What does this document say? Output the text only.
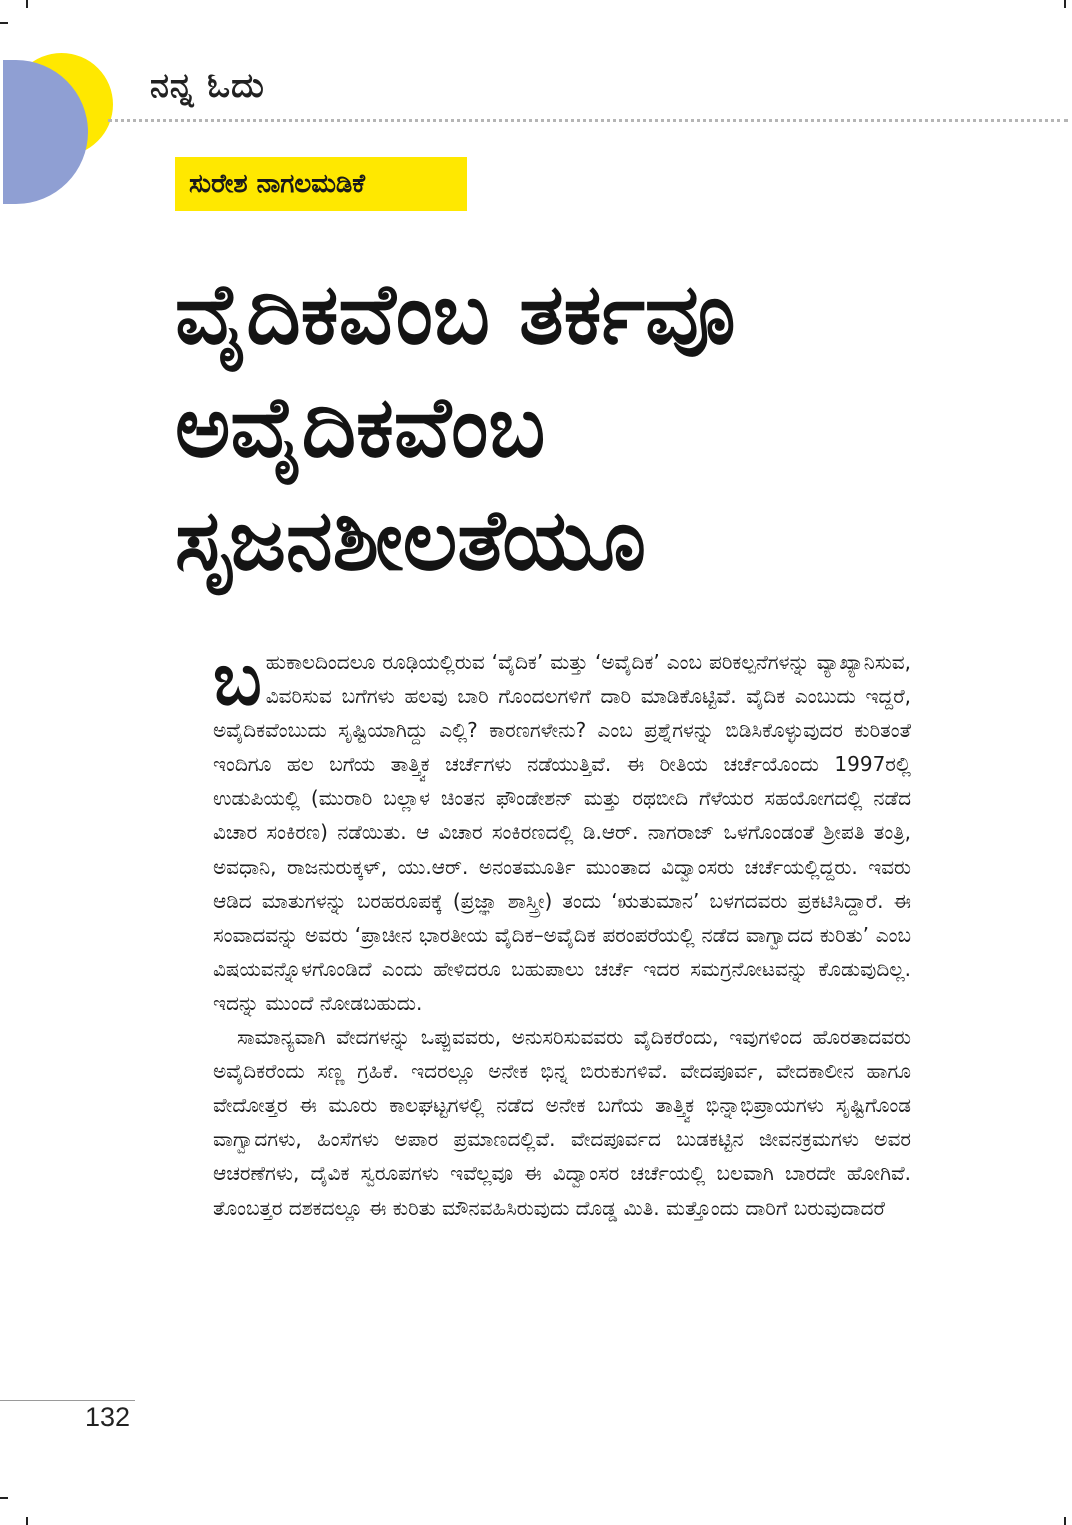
ನನ್ನ ಓದು
ಸುರೇಶ ನಾಗಲಮಡಿಕೆ
ವೈದಿಕವೆಂಬ ತರ್ಕವೂ
ಅವೈದಿಕವೆಂಬ
ಸೃಜನಶೀಲತೆಯೂ

ಬಹುಕಾಲದಿಂದಲೂ ರೂಢಿಯಲ್ಲಿರುವ ‘ವೈದಿಕ’ ಮತ್ತು ‘ಅವೈದಿಕ’ ಎಂಬ ಪರಿಕಲ್ಪನೆಗಳನ್ನು ವ್ಯಾಖ್ಯಾನಿಸುವ, ವಿವರಿಸುವ ಬಗೆಗಳು ಹಲವು ಬಾರಿ ಗೊಂದಲಗಳಿಗೆ ದಾರಿ ಮಾಡಿಕೊಟ್ಟಿವೆ. ವೈದಿಕ ಎಂಬುದು ಇದ್ದರೆ, ಅವೈದಿಕವೆಂಬುದು ಸೃಷ್ಟಿಯಾಗಿದ್ದು ಎಲ್ಲಿ? ಕಾರಣಗಳೇನು? ಎಂಬ ಪ್ರಶ್ನೆಗಳನ್ನು ಬಿಡಿಸಿಕೊಳ್ಳುವುದರ ಕುರಿತಂತೆ ಇಂದಿಗೂ ಹಲ ಬಗೆಯ ತಾತ್ತ್ವಿಕ ಚರ್ಚೆಗಳು ನಡೆಯುತ್ತಿವೆ. ಈ ರೀತಿಯ ಚರ್ಚೆಯೊಂದು 1997ರಲ್ಲಿ ಉಡುಪಿಯಲ್ಲಿ (ಮುರಾರಿ ಬಲ್ಲಾಳ ಚಿಂತನ ಫೌಂಡೇಶನ್ ಮತ್ತು ರಥಬೀದಿ ಗೆಳೆಯರ ಸಹಯೋಗದಲ್ಲಿ ನಡೆದ ವಿಚಾರ ಸಂಕಿರಣ) ನಡೆಯಿತು. ಆ ವಿಚಾರ ಸಂಕಿರಣದಲ್ಲಿ ಡಿ.ಆರ್. ನಾಗರಾಜ್ ಒಳಗೊಂಡಂತೆ ಶ್ರೀಪತಿ ತಂತ್ರಿ, ಅವಧಾನಿ, ರಾಜನುರುಕ್ಕಳ್, ಯು.ಆರ್. ಅನಂತಮೂರ್ತಿ ಮುಂತಾದ ವಿದ್ವಾಂಸರು ಚರ್ಚೆಯಲ್ಲಿದ್ದರು. ಇವರು ಆಡಿದ ಮಾತುಗಳನ್ನು ಬರಹರೂಪಕ್ಕೆ (ಪ್ರಜ್ಞಾ ಶಾಸ್ತ್ರೀ) ತಂದು ‘ಋತುಮಾನ’ ಬಳಗದವರು ಪ್ರಕಟಿಸಿದ್ದಾರೆ. ಈ ಸಂವಾದವನ್ನು ಅವರು ‘ಪ್ರಾಚೀನ ಭಾರತೀಯ ವೈದಿಕ–ಅವೈದಿಕ ಪರಂಪರೆಯಲ್ಲಿ ನಡೆದ ವಾಗ್ವಾದದ ಕುರಿತು’ ಎಂಬ ವಿಷಯವನ್ನೊಳಗೊಂಡಿದೆ ಎಂದು ಹೇಳಿದರೂ ಬಹುಪಾಲು ಚರ್ಚೆ ಇದರ ಸಮಗ್ರನೋಟವನ್ನು ಕೊಡುವುದಿಲ್ಲ. ಇದನ್ನು ಮುಂದೆ ನೋಡಬಹುದು.

ಸಾಮಾನ್ಯವಾಗಿ ವೇದಗಳನ್ನು ಒಪ್ಪುವವರು, ಅನುಸರಿಸುವವರು ವೈದಿಕರೆಂದು, ಇವುಗಳಿಂದ ಹೊರತಾದವರು ಅವೈದಿಕರೆಂದು ಸಣ್ಣ ಗ್ರಹಿಕೆ. ಇದರಲ್ಲೂ ಅನೇಕ ಭಿನ್ನ ಬಿರುಕುಗಳಿವೆ. ವೇದಪೂರ್ವ, ವೇದಕಾಲೀನ ಹಾಗೂ ವೇದೋತ್ತರ ಈ ಮೂರು ಕಾಲಘಟ್ಟಗಳಲ್ಲಿ ನಡೆದ ಅನೇಕ ಬಗೆಯ ತಾತ್ತ್ವಿಕ ಭಿನ್ನಾಭಿಪ್ರಾಯಗಳು ಸೃಷ್ಟಿಗೊಂಡ ವಾಗ್ವಾದಗಳು, ಹಿಂಸೆಗಳು ಅಪಾರ ಪ್ರಮಾಣದಲ್ಲಿವೆ. ವೇದಪೂರ್ವದ ಬುಡಕಟ್ಟಿನ ಜೀವನಕ್ರಮಗಳು ಅವರ ಆಚರಣೆಗಳು, ದೈವಿಕ ಸ್ವರೂಪಗಳು ಇವೆಲ್ಲವೂ ಈ ವಿದ್ವಾಂಸರ ಚರ್ಚೆಯಲ್ಲಿ ಬಲವಾಗಿ ಬಾರದೇ ಹೋಗಿವೆ. ತೊಂಬತ್ತರ ದಶಕದಲ್ಲೂ ಈ ಕುರಿತು ಮೌನವಹಿಸಿರುವುದು ದೊಡ್ಡ ಮಿತಿ. ಮತ್ತೊಂದು ದಾರಿಗೆ ಬರುವುದಾದರೆ

132
